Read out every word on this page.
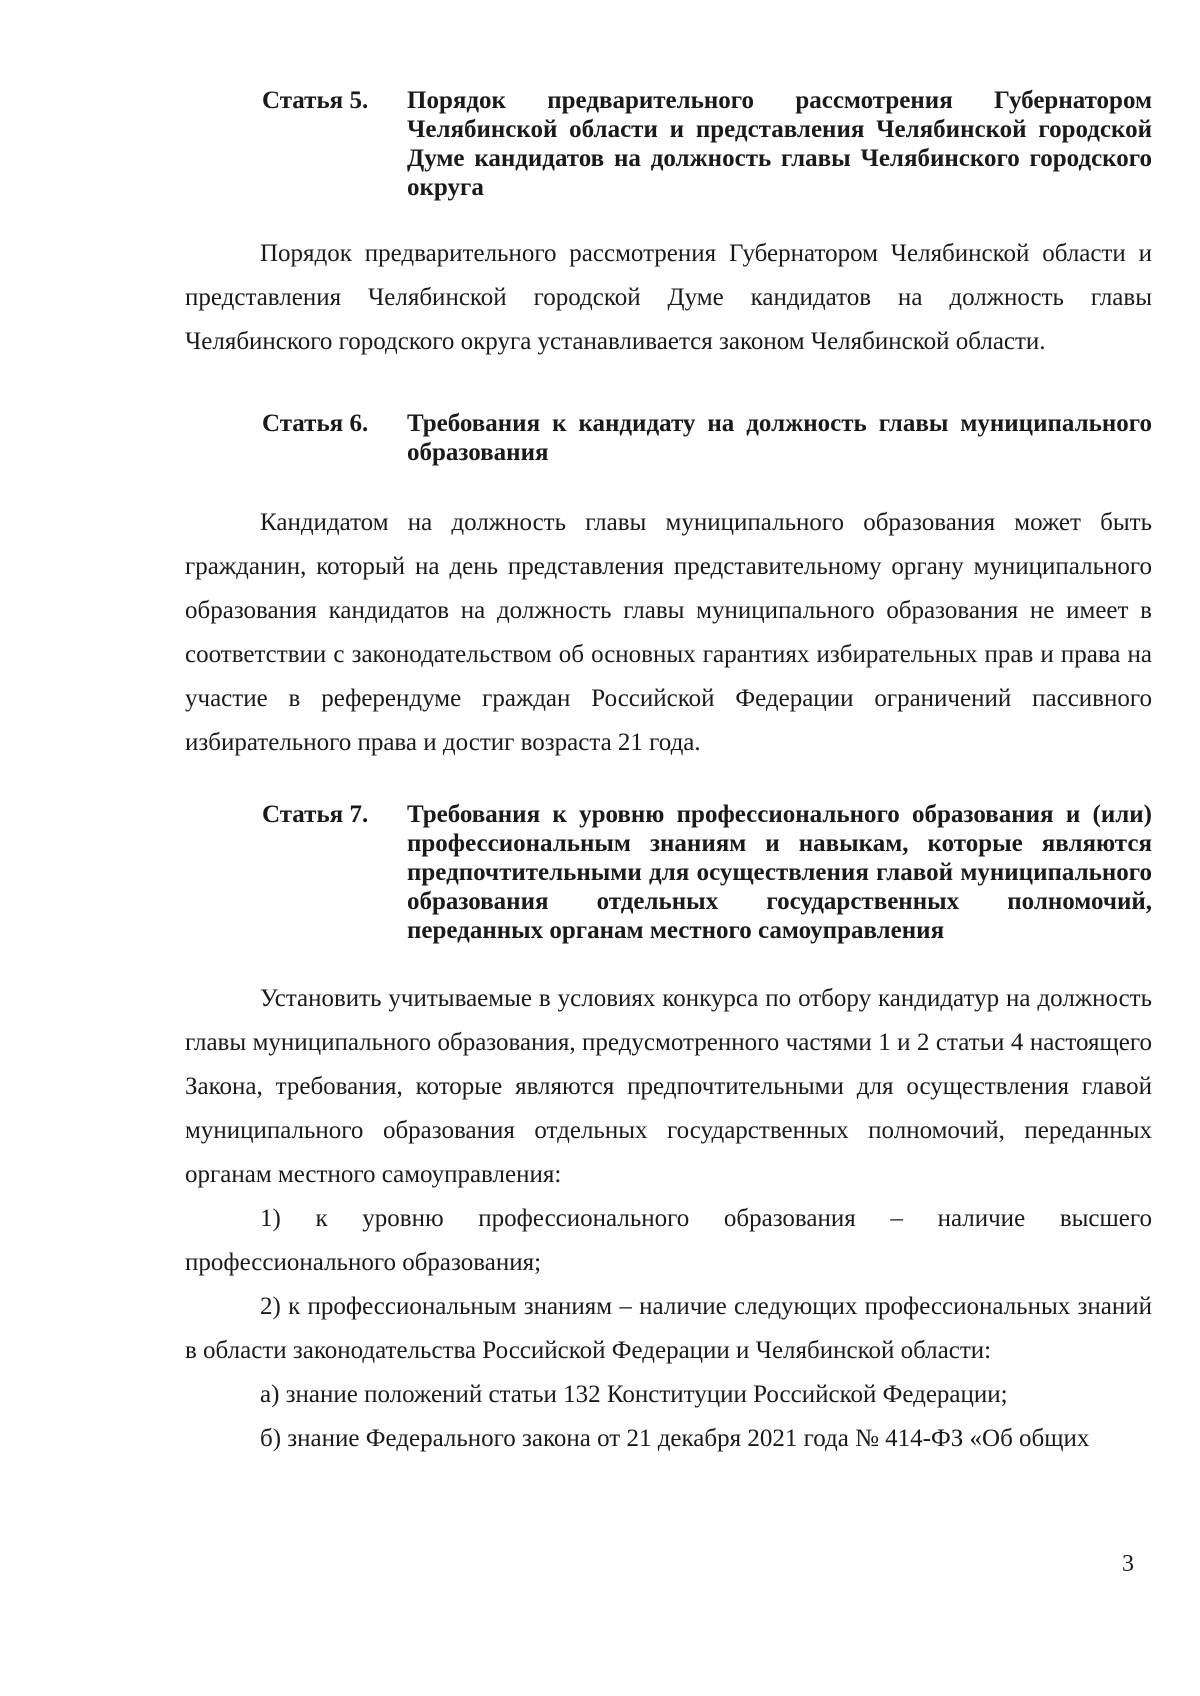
Статья 5.	Порядок предварительного рассмотрения Губернатором Челябинской области и представления Челябинской городской Думе кандидатов на должность главы Челябинского городского округа

Порядок предварительного рассмотрения Губернатором Челябинской области и представления Челябинской городской Думе кандидатов на должность главы Челябинского городского округа устанавливается законом Челябинской области.

Статья 6.	Требования к кандидату на должность главы муниципального образования

Кандидатом на должность главы муниципального образования может быть гражданин, который на день представления представительному органу муниципального образования кандидатов на должность главы муниципального образования не имеет в соответствии с законодательством об основных гарантиях избирательных прав и права на участие в референдуме граждан Российской Федерации ограничений пассивного избирательного права и достиг возраста 21 года.

Статья 7.	Требования к уровню профессионального образования и (или) профессиональным знаниям и навыкам, которые являются предпочтительными для осуществления главой муниципального образования отдельных государственных полномочий, переданных органам местного самоуправления

Установить учитываемые в условиях конкурса по отбору кандидатур на должность главы муниципального образования, предусмотренного частями 1 и 2 статьи 4 настоящего Закона, требования, которые являются предпочтительными для осуществления главой муниципального образования отдельных государственных полномочий, переданных органам местного самоуправления:

1) к уровню профессионального образования – наличие высшего профессионального образования;

2) к профессиональным знаниям – наличие следующих профессиональных знаний в области законодательства Российской Федерации и Челябинской области:

а) знание положений статьи 132 Конституции Российской Федерации;

б) знание Федерального закона от 21 декабря 2021 года № 414-ФЗ «Об общих

3
